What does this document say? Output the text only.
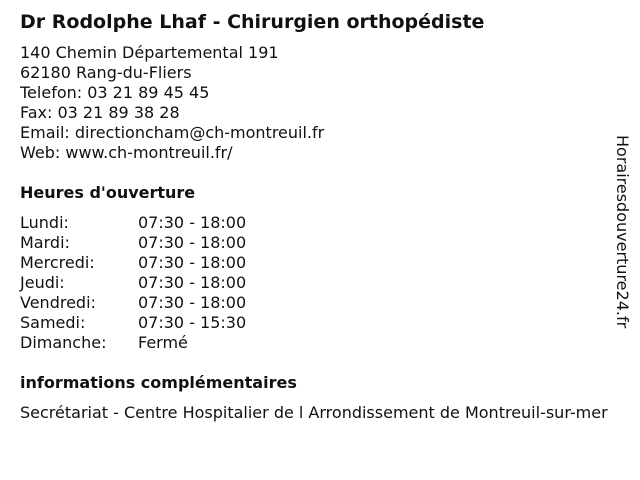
Dr Rodolphe Lhaf - Chirurgien orthopédiste
140 Chemin Départemental 191
62180 Rang-du-Fliers
Telefon: 03 21 89 45 45
Fax: 03 21 89 38 28
Email: directioncham@ch-montreuil.fr
Web: www.ch-montreuil.fr/
Heures d'ouverture
Lundi:	07:30 - 18:00
Mardi:	07:30 - 18:00
Mercredi:	07:30 - 18:00
Jeudi:	07:30 - 18:00
Vendredi:	07:30 - 18:00
Samedi:	07:30 - 15:30
Dimanche:	Fermé
informations complémentaires
Secrétariat - Centre Hospitalier de l Arrondissement de Montreuil-sur-mer
Horairesdouverture24.fr
